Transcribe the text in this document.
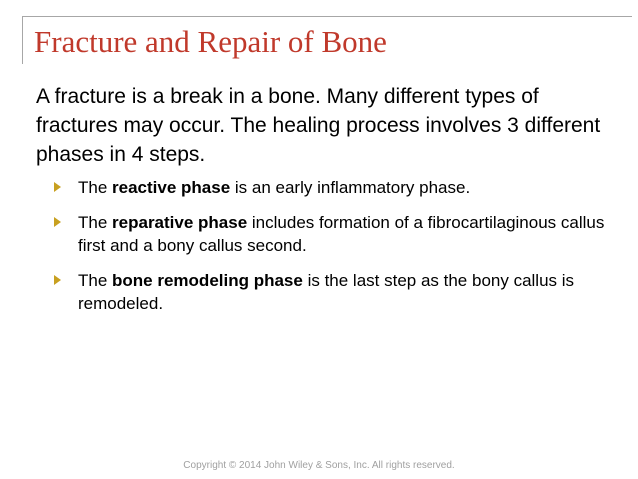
Fracture and Repair of Bone
A fracture is a break in a bone. Many different types of fractures may occur. The healing process involves 3 different phases in 4 steps.
The reactive phase is an early inflammatory phase.
The reparative phase includes formation of a fibrocartilaginous callus first and a bony callus second.
The bone remodeling phase is the last step as the bony callus is remodeled.
Copyright © 2014 John Wiley & Sons, Inc. All rights reserved.
